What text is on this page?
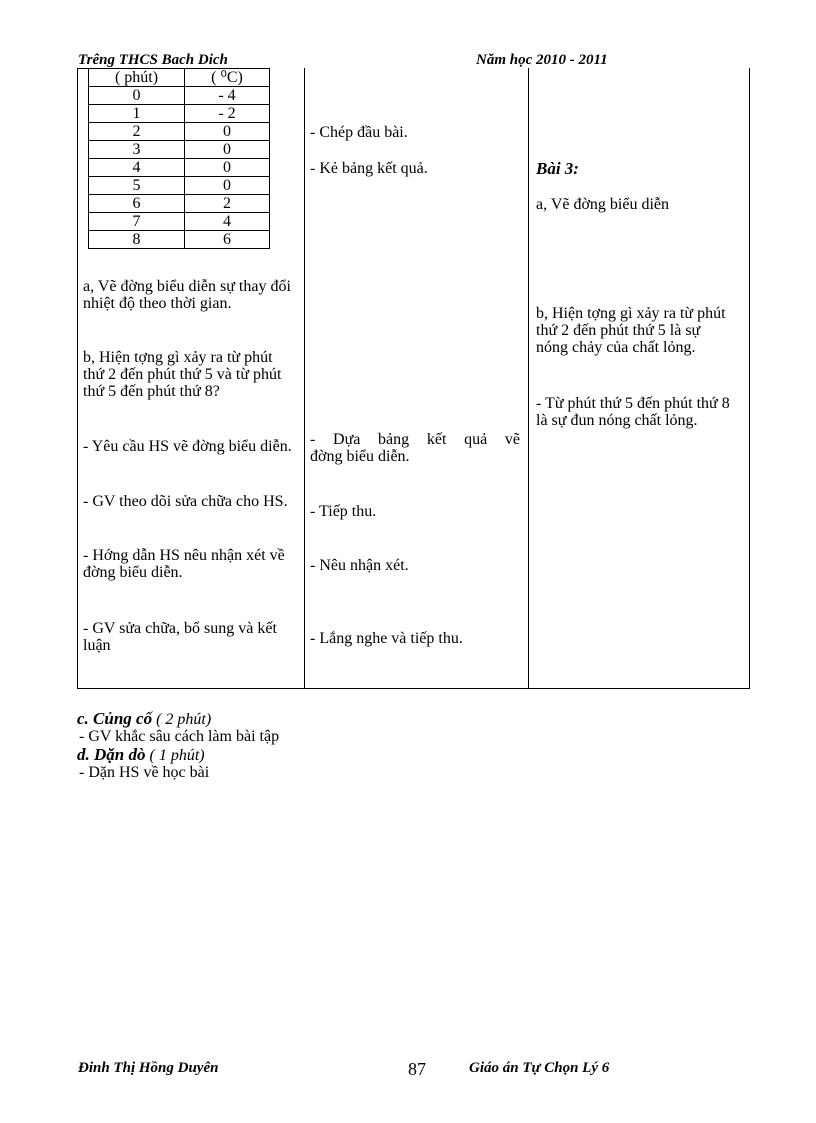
Trêng THCS Bach Dich	Năm học 2010 - 2011
( phút)	( ⁰C)
0	- 4
1	- 2
2	0
3	0
4	0
5	0
6	2
7	4
8	6
a, Vẽ đờng biểu diễn sự thay đổi nhiệt độ theo thời gian.
b, Hiện tợng gì xảy ra từ phút thứ 2 đến phút thứ 5 và từ phút thứ 5 đến phút thứ 8?
- Yêu cầu HS vẽ đờng biểu diễn.
- GV theo dõi sửa chữa cho HS.
- Hớng dẫn HS nêu nhận xét về đờng biểu diễn.
- GV sửa chữa, bổ sung và kết luận
- Chép đầu bài.
- Kẻ bảng kết quả.
- Dựa bảng kết quả vẽ
đờng biểu diễn.
- Tiếp thu.
- Nêu nhận xét.
- Lắng nghe và tiếp thu.
Bài 3:
a, Vẽ đờng biểu diễn
b, Hiện tợng gì xảy ra từ phút thứ 2 đến phút thứ 5 là sự nóng chảy của chất lỏng.
- Từ phút thứ 5 đến phút thứ 8 là sự đun nóng chất lỏng.
c. Củng cố ( 2 phút)
- GV khắc sâu cách làm bài tập
d. Dặn dò ( 1 phút)
- Dặn HS về học bài
Đinh Thị Hồng Duyên	87	Giáo án Tự Chọn Lý 6
